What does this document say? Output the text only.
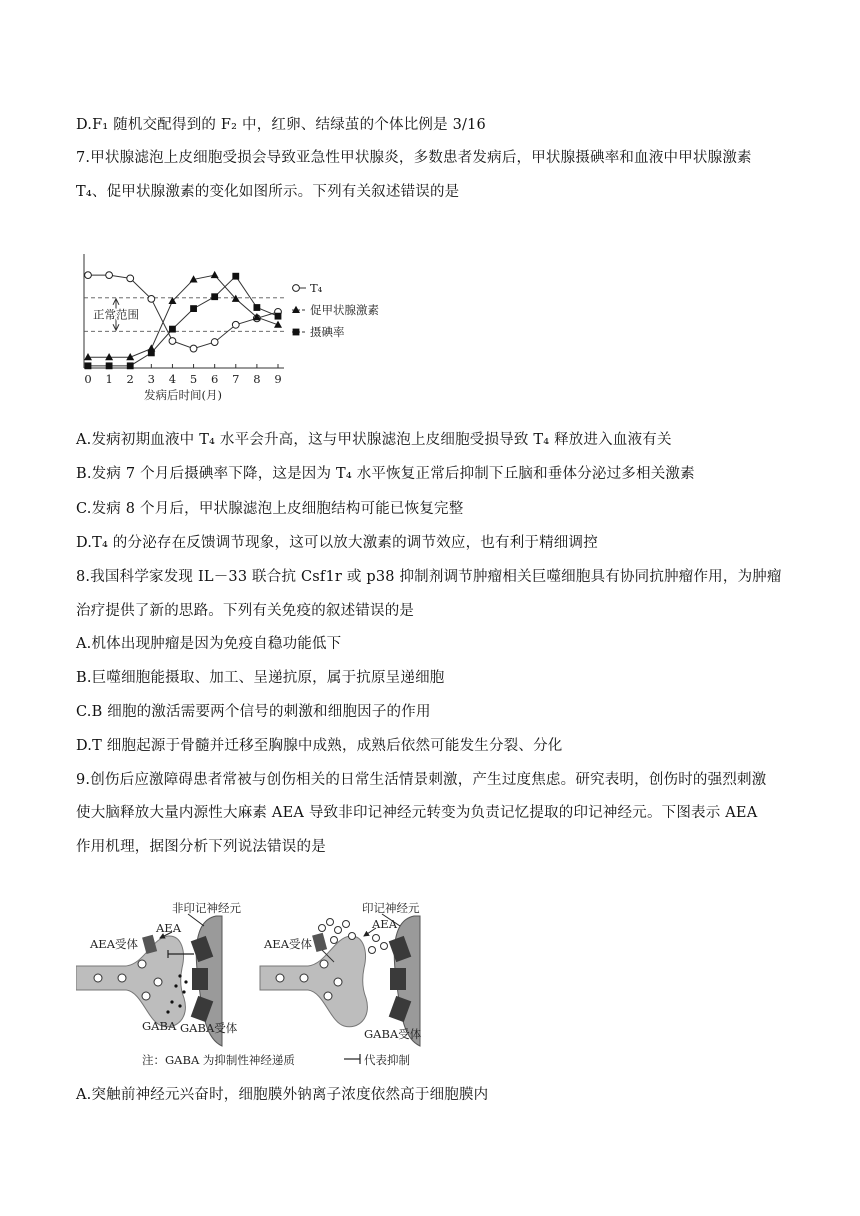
D.F₁ 随机交配得到的 F₂ 中，红卵、结绿茧的个体比例是 3/16
7.甲状腺滤泡上皮细胞受损会导致亚急性甲状腺炎，多数患者发病后，甲状腺摄碘率和血液中甲状腺激素
T₄、促甲状腺激素的变化如图所示。下列有关叙述错误的是
A.发病初期血液中 T₄ 水平会升高，这与甲状腺滤泡上皮细胞受损导致 T₄ 释放进入血液有关
B.发病 7 个月后摄碘率下降，这是因为 T₄ 水平恢复正常后抑制下丘脑和垂体分泌过多相关激素
C.发病 8 个月后，甲状腺滤泡上皮细胞结构可能已恢复完整
D.T₄ 的分泌存在反馈调节现象，这可以放大激素的调节效应，也有利于精细调控
8.我国科学家发现 IL－33 联合抗 Csf1r 或 p38 抑制剂调节肿瘤相关巨噬细胞具有协同抗肿瘤作用，为肿瘤
治疗提供了新的思路。下列有关免疫的叙述错误的是
A.机体出现肿瘤是因为免疫自稳功能低下
B.巨噬细胞能摄取、加工、呈递抗原，属于抗原呈递细胞
C.B 细胞的激活需要两个信号的刺激和细胞因子的作用
D.T 细胞起源于骨髓并迁移至胸腺中成熟，成熟后依然可能发生分裂、分化
9.创伤后应激障碍患者常被与创伤相关的日常生活情景刺激，产生过度焦虑。研究表明，创伤时的强烈刺激
使大脑释放大量内源性大麻素 AEA 导致非印记神经元转变为负责记忆提取的印记神经元。下图表示 AEA
作用机理，据图分析下列说法错误的是
A.突触前神经元兴奋时，细胞膜外钠离子浓度依然高于细胞膜内
0 1 2 3 4 5 6 7 8 9
发病后时间(月)
正常范围
T₄
促甲状腺激素
摄碘率
非印记神经元
AEA
AEA受体
GABA GABA受体
印记神经元
AEA
AEA受体
GABA受体
注：GABA 为抑制性神经递质	代表抑制
